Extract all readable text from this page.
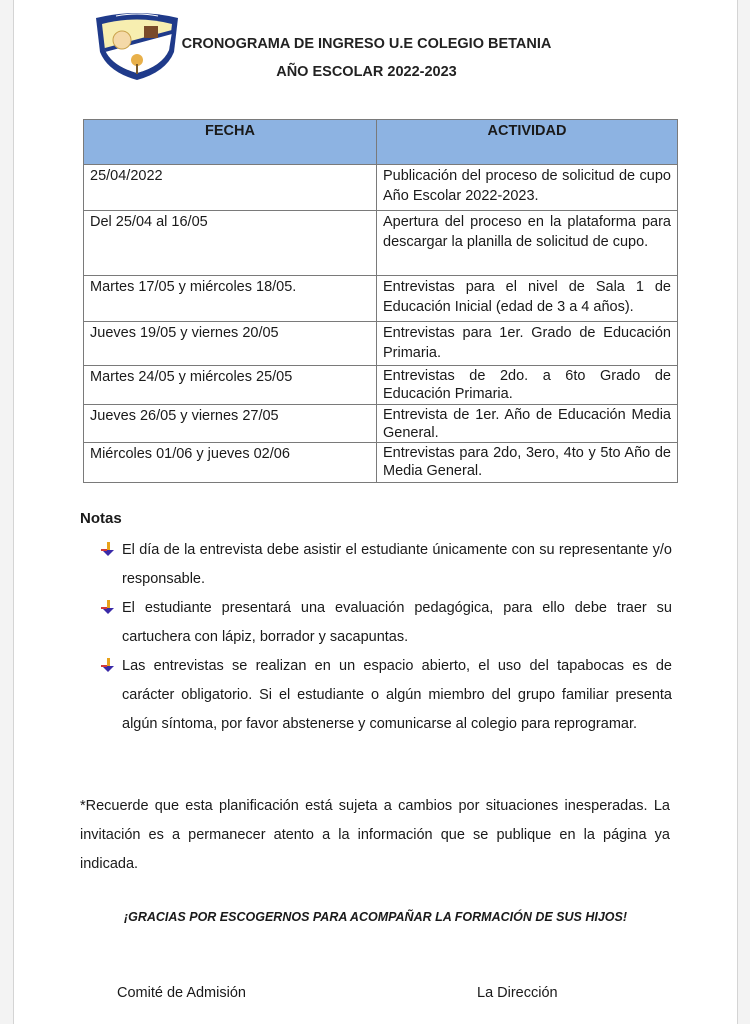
CRONOGRAMA DE INGRESO U.E COLEGIO BETANIA
AÑO ESCOLAR 2022-2023
FECHA	ACTIVIDAD
25/04/2022	Publicación del proceso de solicitud de cupo Año Escolar 2022-2023.
Del 25/04 al 16/05	Apertura del proceso en la plataforma para descargar la planilla de solicitud de cupo.
Martes 17/05 y miércoles 18/05.	Entrevistas para el nivel de Sala 1 de Educación Inicial (edad de 3 a 4 años).
Jueves 19/05 y viernes 20/05	Entrevistas para 1er. Grado de Educación Primaria.
Martes 24/05 y miércoles 25/05	Entrevistas de 2do. a 6to Grado de Educación Primaria.
Jueves 26/05 y viernes 27/05	Entrevista de 1er. Año de Educación Media General.
Miércoles 01/06 y jueves 02/06	Entrevistas para 2do, 3ero, 4to y 5to Año de Media General.
Notas
El día de la entrevista debe asistir el estudiante únicamente con su representante y/o responsable.
El estudiante presentará una evaluación pedagógica, para ello debe traer su cartuchera con lápiz, borrador y sacapuntas.
Las entrevistas se realizan en un espacio abierto, el uso del tapabocas es de carácter obligatorio. Si el estudiante o algún miembro del grupo familiar presenta algún síntoma, por favor abstenerse y comunicarse al colegio para reprogramar.
*Recuerde que esta planificación está sujeta a cambios por situaciones inesperadas. La invitación es a permanecer atento a la información que se publique en la página ya indicada.
¡GRACIAS POR ESCOGERNOS PARA ACOMPAÑAR LA FORMACIÓN DE SUS HIJOS!
Comité de Admisión	La Dirección
